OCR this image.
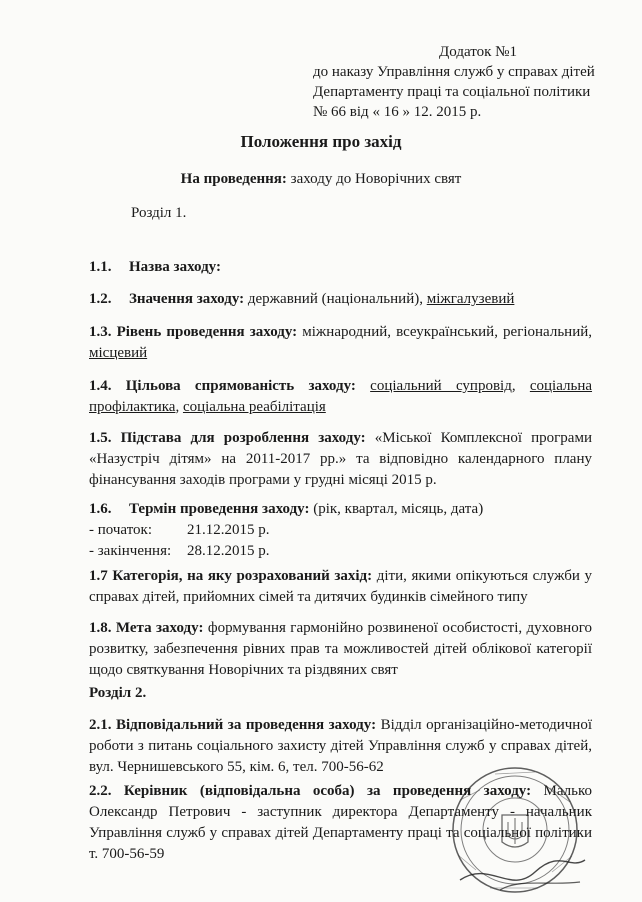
Додаток №1
до наказу Управління служб у справах дітей
Департаменту праці та соціальної політики
№ 66 від « 16 » 12. 2015 р.
Положення про захід
На проведення: заходу до Новорічних свят
Розділ 1.
1.1. Назва заходу:
1.2. Значення заходу: державний (національний), міжгалузевий
1.3. Рівень проведення заходу: міжнародний, всеукраїнський, регіональний, місцевий
1.4. Цільова спрямованість заходу: соціальний супровід, соціальна профілактика, соціальна реабілітація
1.5. Підстава для розроблення заходу: «Міської Комплексної програми «Назустріч дітям» на 2011-2017 рр.» та відповідно календарного плану фінансування заходів програми у грудні місяці 2015 р.
1.6. Термін проведення заходу: (рік, квартал, місяць, дата)
- початок: 21.12.2015 р.
- закінчення: 28.12.2015 р.
1.7 Категорія, на яку розрахований захід: діти, якими опікуються служби у справах дітей, прийомних сімей та дитячих будинків сімейного типу
1.8. Мета заходу: формування гармонійно розвиненої особистості, духовного розвитку, забезпечення рівних прав та можливостей дітей облікової категорії щодо святкування Новорічних та різдвяних свят
Розділ 2.
2.1. Відповідальний за проведення заходу: Відділ організаційно-методичної роботи з питань соціального захисту дітей Управління служб у справах дітей, вул. Чернишевського 55, кім. 6, тел. 700-56-62
2.2. Керівник (відповідальна особа) за проведення заходу: Малько Олександр Петрович - заступник директора Департаменту - начальник Управління служб у справах дітей Департаменту праці та соціальної політики т. 700-56-59
